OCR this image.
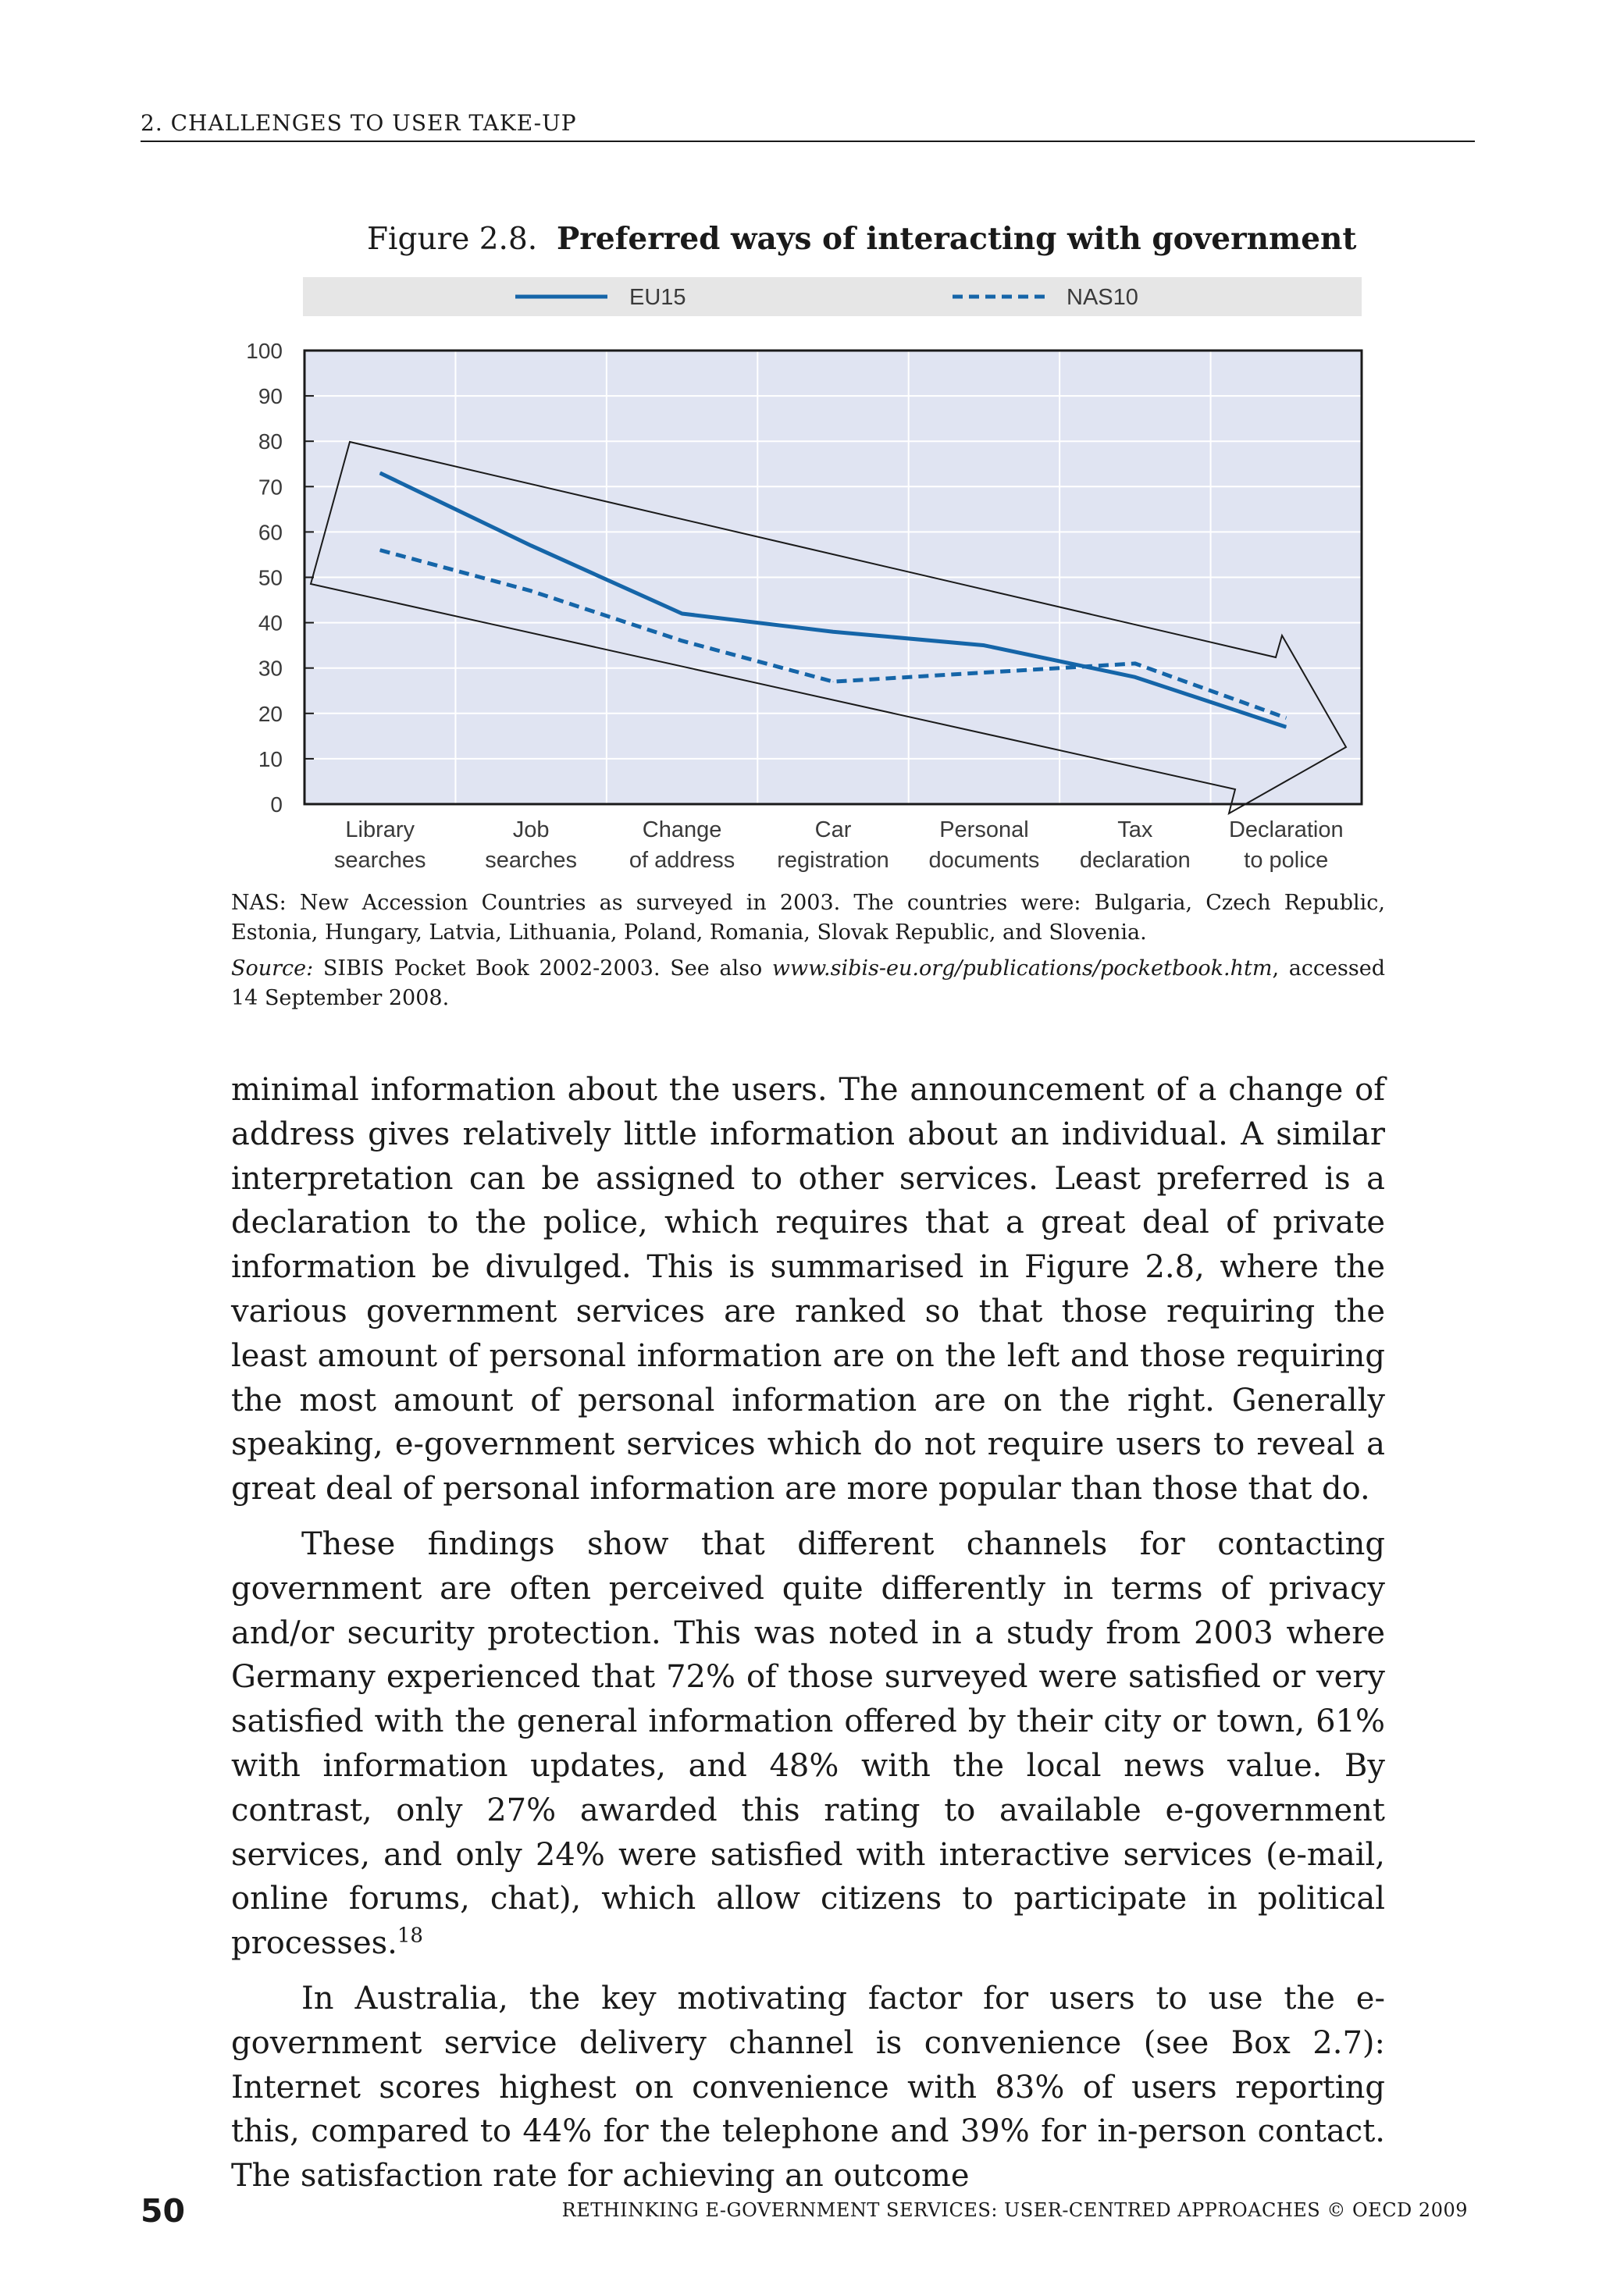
2. CHALLENGES TO USER TAKE-UP
Figure 2.8. Preferred ways of interacting with government
EU15	NAS10
0
10
20
30
40
50
60
70
80
90
100
Library
searches
Job
searches
Change
of address
Car
registration
Personal
documents
Tax
declaration
Declaration
to police

NAS: New Accession Countries as surveyed in 2003. The countries were: Bulgaria, Czech Republic, Estonia, Hungary, Latvia, Lithuania, Poland, Romania, Slovak Republic, and Slovenia.

Source: SIBIS Pocket Book 2002-2003. See also www.sibis-eu.org/publications/pocketbook.htm, accessed 14 September 2008.

minimal information about the users. The announcement of a change of address gives relatively little information about an individual. A similar interpretation can be assigned to other services. Least preferred is a declaration to the police, which requires that a great deal of private information be divulged. This is summarised in Figure 2.8, where the various government services are ranked so that those requiring the least amount of personal information are on the left and those requiring the most amount of personal information are on the right. Generally speaking, e-government services which do not require users to reveal a great deal of personal information are more popular than those that do.

These findings show that different channels for contacting government are often perceived quite differently in terms of privacy and/or security protection. This was noted in a study from 2003 where Germany experienced that 72% of those surveyed were satisfied or very satisfied with the general information offered by their city or town, 61% with information updates, and 48% with the local news value. By contrast, only 27% awarded this rating to available e-government services, and only 24% were satisfied with interactive services (e-mail, online forums, chat), which allow citizens to participate in political processes.$^{18}$

In Australia, the key motivating factor for users to use the e-government service delivery channel is convenience (see Box 2.7): Internet scores highest on convenience with 83% of users reporting this, compared to 44% for the telephone and 39% for in-person contact. The satisfaction rate for achieving an outcome

50	RETHINKING E-GOVERNMENT SERVICES: USER-CENTRED APPROACHES © OECD 2009
